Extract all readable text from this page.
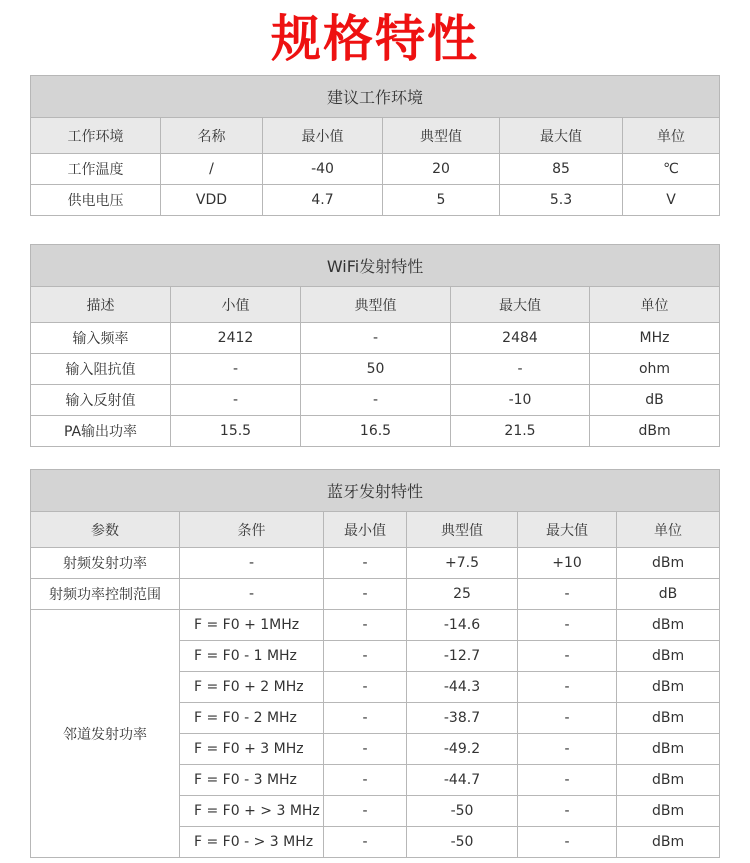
规格特性
建议工作环境					
工作环境	名称	最小值	典型值	最大值	单位
工作温度	/	-40	20	85	℃
供电电压	VDD	4.7	5	5.3	V
WiFi发射特性				
描述	小值	典型值	最大值	单位
输入频率	2412	-	2484	MHz
输入阻抗值	-	50	-	ohm
输入反射值	-	-	-10	dB
PA输出功率	15.5	16.5	21.5	dBm
蓝牙发射特性					
参数	条件	最小值	典型值	最大值	单位
射频发射功率	-	-	+7.5	+10	dBm
射频功率控制范围	-	-	25	-	dB
邻道发射功率	F = F0 + 1MHz	-	-14.6	-	dBm
	F = F0 - 1 MHz	-	-12.7	-	dBm
	F = F0 + 2 MHz	-	-44.3	-	dBm
	F = F0 - 2 MHz	-	-38.7	-	dBm
	F = F0 + 3 MHz	-	-49.2	-	dBm
	F = F0 - 3 MHz	-	-44.7	-	dBm
	F = F0 + > 3 MHz	-	-50	-	dBm
	F = F0 - > 3 MHz	-	-50	-	dBm
